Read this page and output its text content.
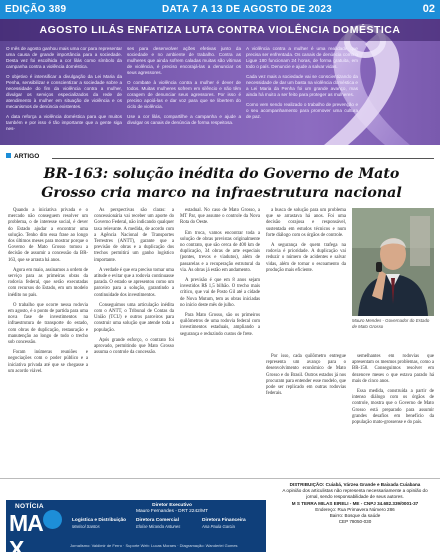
EDIÇÃO 389	DATA 7 A 13 DE AGOSTO DE 2023	02
AGOSTO LILÁS ENFATIZA LUTA CONTRA VIOLÊNCIA DOMÉSTICA

O mês de agosto ganhou mais uma cor para representar uma causa de grande importância para a sociedade. Desta vez foi escolhida a cor lilás como símbolo da campanha contra a violência doméstica.

O objetivo é intensificar a divulgação da Lei Maria da Penha, sensibilizar e conscientizar a sociedade sobre a necessidade do fim da violência contra a mulher, divulgar os serviços especializados da rede de atendimento à mulher em situação de violência e os mecanismos de denúncia existentes.

A data reforça a violência doméstica para que muitos também e por isso é tão importante que a gente siga nes-

ses para desenvolver ações efetivas junto da sociedade e no ambiente de trabalho. Contra as mulheres que ainda sofrem caladas muitas são vítimas de violência, é preciso encorajá-las a denunciar os seus agressores.

O combate à violência contra a mulher é dever de todos. Muitas mulheres sofrem em silêncio e não têm coragem de denunciar seus agressores. Por isso é preciso apoiá-las e dar voz para que se libertem do ciclo de violência.

Use a cor lilás, compartilhe a campanha e ajude a divulgar os canais de denúncia de forma respeitosa.

A violência contra a mulher é uma realidade que precisa ser enfrentada. Os canais de denúncia como o Ligue 180 funcionam 24 horas, de forma gratuita, em todo o país. Denuncie e ajude a salvar vidas.

Cada vez mais a sociedade vai se conscientizando da necessidade de dar um basta na violência doméstica e a Lei Maria da Penha foi um grande avanço, mas ainda há muito a ser feito para proteger as mulheres.

Como vem sendo realizado o trabalho de prevenção e o seu acompanhamento para promover uma cultura de paz.

ARTIGO
BR-163: solução inédita do Governo de Mato Grosso cria marco na infraestrutura nacional

Quando a iniciativa privada e o mercado não conseguem resolver um problema, o de interesse social, é dever do Estado ajudar a encontrar uma solução. Tenho dito essa frase ao longo dos últimos meses para mostrar porque o Governo de Mato Grosso tomou a decisão de assumir a concessão da BR-163, que se arrasta há anos.

Agora em maio, assinamos a ordem de serviço para as primeiras obras da rodovia federal, que serão executadas com recursos do Estado, em um modelo inédito no país.

O trabalho que ocorre nessa rodovia em agosto, é o ponto de partida para uma nova fase de investimentos na infraestrutura de transporte do estado, com obras de duplicação, restauração e manutenção ao longo de todo o trecho sob concessão.

Foram inúmeras reuniões e negociações com o poder público e a iniciativa privada até que se chegasse a um acordo viável.

As perspectivas são claras: a concessionária vai receber um aporte do Governo Federal, não indicando qualquer taxa relevante. A medida, de acordo com a Agência Nacional de Transportes Terrestres (ANTT), garante que a previsão de obras e a duplicação dos trechos permitirá um ganho logístico importante.

A verdade é que era preciso tomar uma atitude e evitar que a rodovia continuasse parada. O estado se apresentou como um parceiro para a solução, garantindo a continuidade dos investimentos.

Conseguimos uma articulação inédita com o ANTT, o Tribunal de Contas da União (TCU) e outros parceiros para construir uma solução que atende toda a população.

Após grande esforço, o contrato foi aprovado, permitindo que Mato Grosso assuma o controle da concessão.

estadual. No caso de Mato Grosso, a MT Par, que assume o controle da Nova Rota do Oeste.

Em troca, vamos encontrar toda a solução de obras previstas originalmente no contrato, que são cerca de 400 km de duplicação, 34 obras de arte especiais (pontes, trevos e viadutos), além de passarelas e a recuperação estrutural da via. As obras já estão em andamento.

A previsão é que em 8 anos sejam investidos R$ 1,5 bilhão. O trecho mais crítico, que vai de Posto Gil até a cidade de Nova Mutum, tem as obras iniciadas no início deste mês de julho.

Para Mato Grosso, são os primeiros quilômetros de uma rodovia federal com investimentos estaduais, ampliando a segurança e reduzindo custos de frete.

a busca de solução para um problema que se arrastava há anos. Foi uma decisão corajosa e responsável, sustentada em estudos técnicos e num forte diálogo com os órgãos de controle.

A segurança de quem trafega na rodovia é prioridade. A duplicação vai reduzir o número de acidentes e salvar vidas, além de tornar o escoamento da produção mais eficiente.

Mauro Mendes - Governador do Estado de Mato Grosso

Por isso, cada quilômetro entregue representa um avanço para o desenvolvimento econômico de Mato Grosso e do Brasil. Outros estados já nos procuram para entender esse modelo, que pode ser replicado em outras rodovias federais.

semelhantes em rodovias que apresentam os mesmos problemas, como a BR-158. Conseguimos resolver em dezenove meses o que estava parado há mais de cinco anos.

Essa medida, construída a partir de intenso diálogo com os órgãos de controle, mostra que o Governo de Mato Grosso está preparado para assumir grandes desafios em benefício da população mato-grossense e do país.

NOTÍCIA
MAX
Diretor Executivo
Mauro Fernandes - DRT 2242/MT
Logística e Distribuição
Marisol Santos
Diretora Comercial
Eloíse Miranda Antunes
Diretora Financeira
Ana Paula Garcia
Jornalismo: Valdimir de Ferro · Suporte Web: Lucas Moraes · Diagramação: Wanderlei Gomes
DISTRIBUIÇÃO: Cuiabá, Várzea Grande e Baixada Cuiabana
A opinião dos articulistas não representa necessariamente a opinião do jornal, sendo responsabilidade de seus autores.
M S TERRA MILAS EIRELI - ME - CNPJ 34.682.339/0001-37
Endereço: Rua Primavera Número 286
Bairro: Bosque da saúde
CEP 78050-030
